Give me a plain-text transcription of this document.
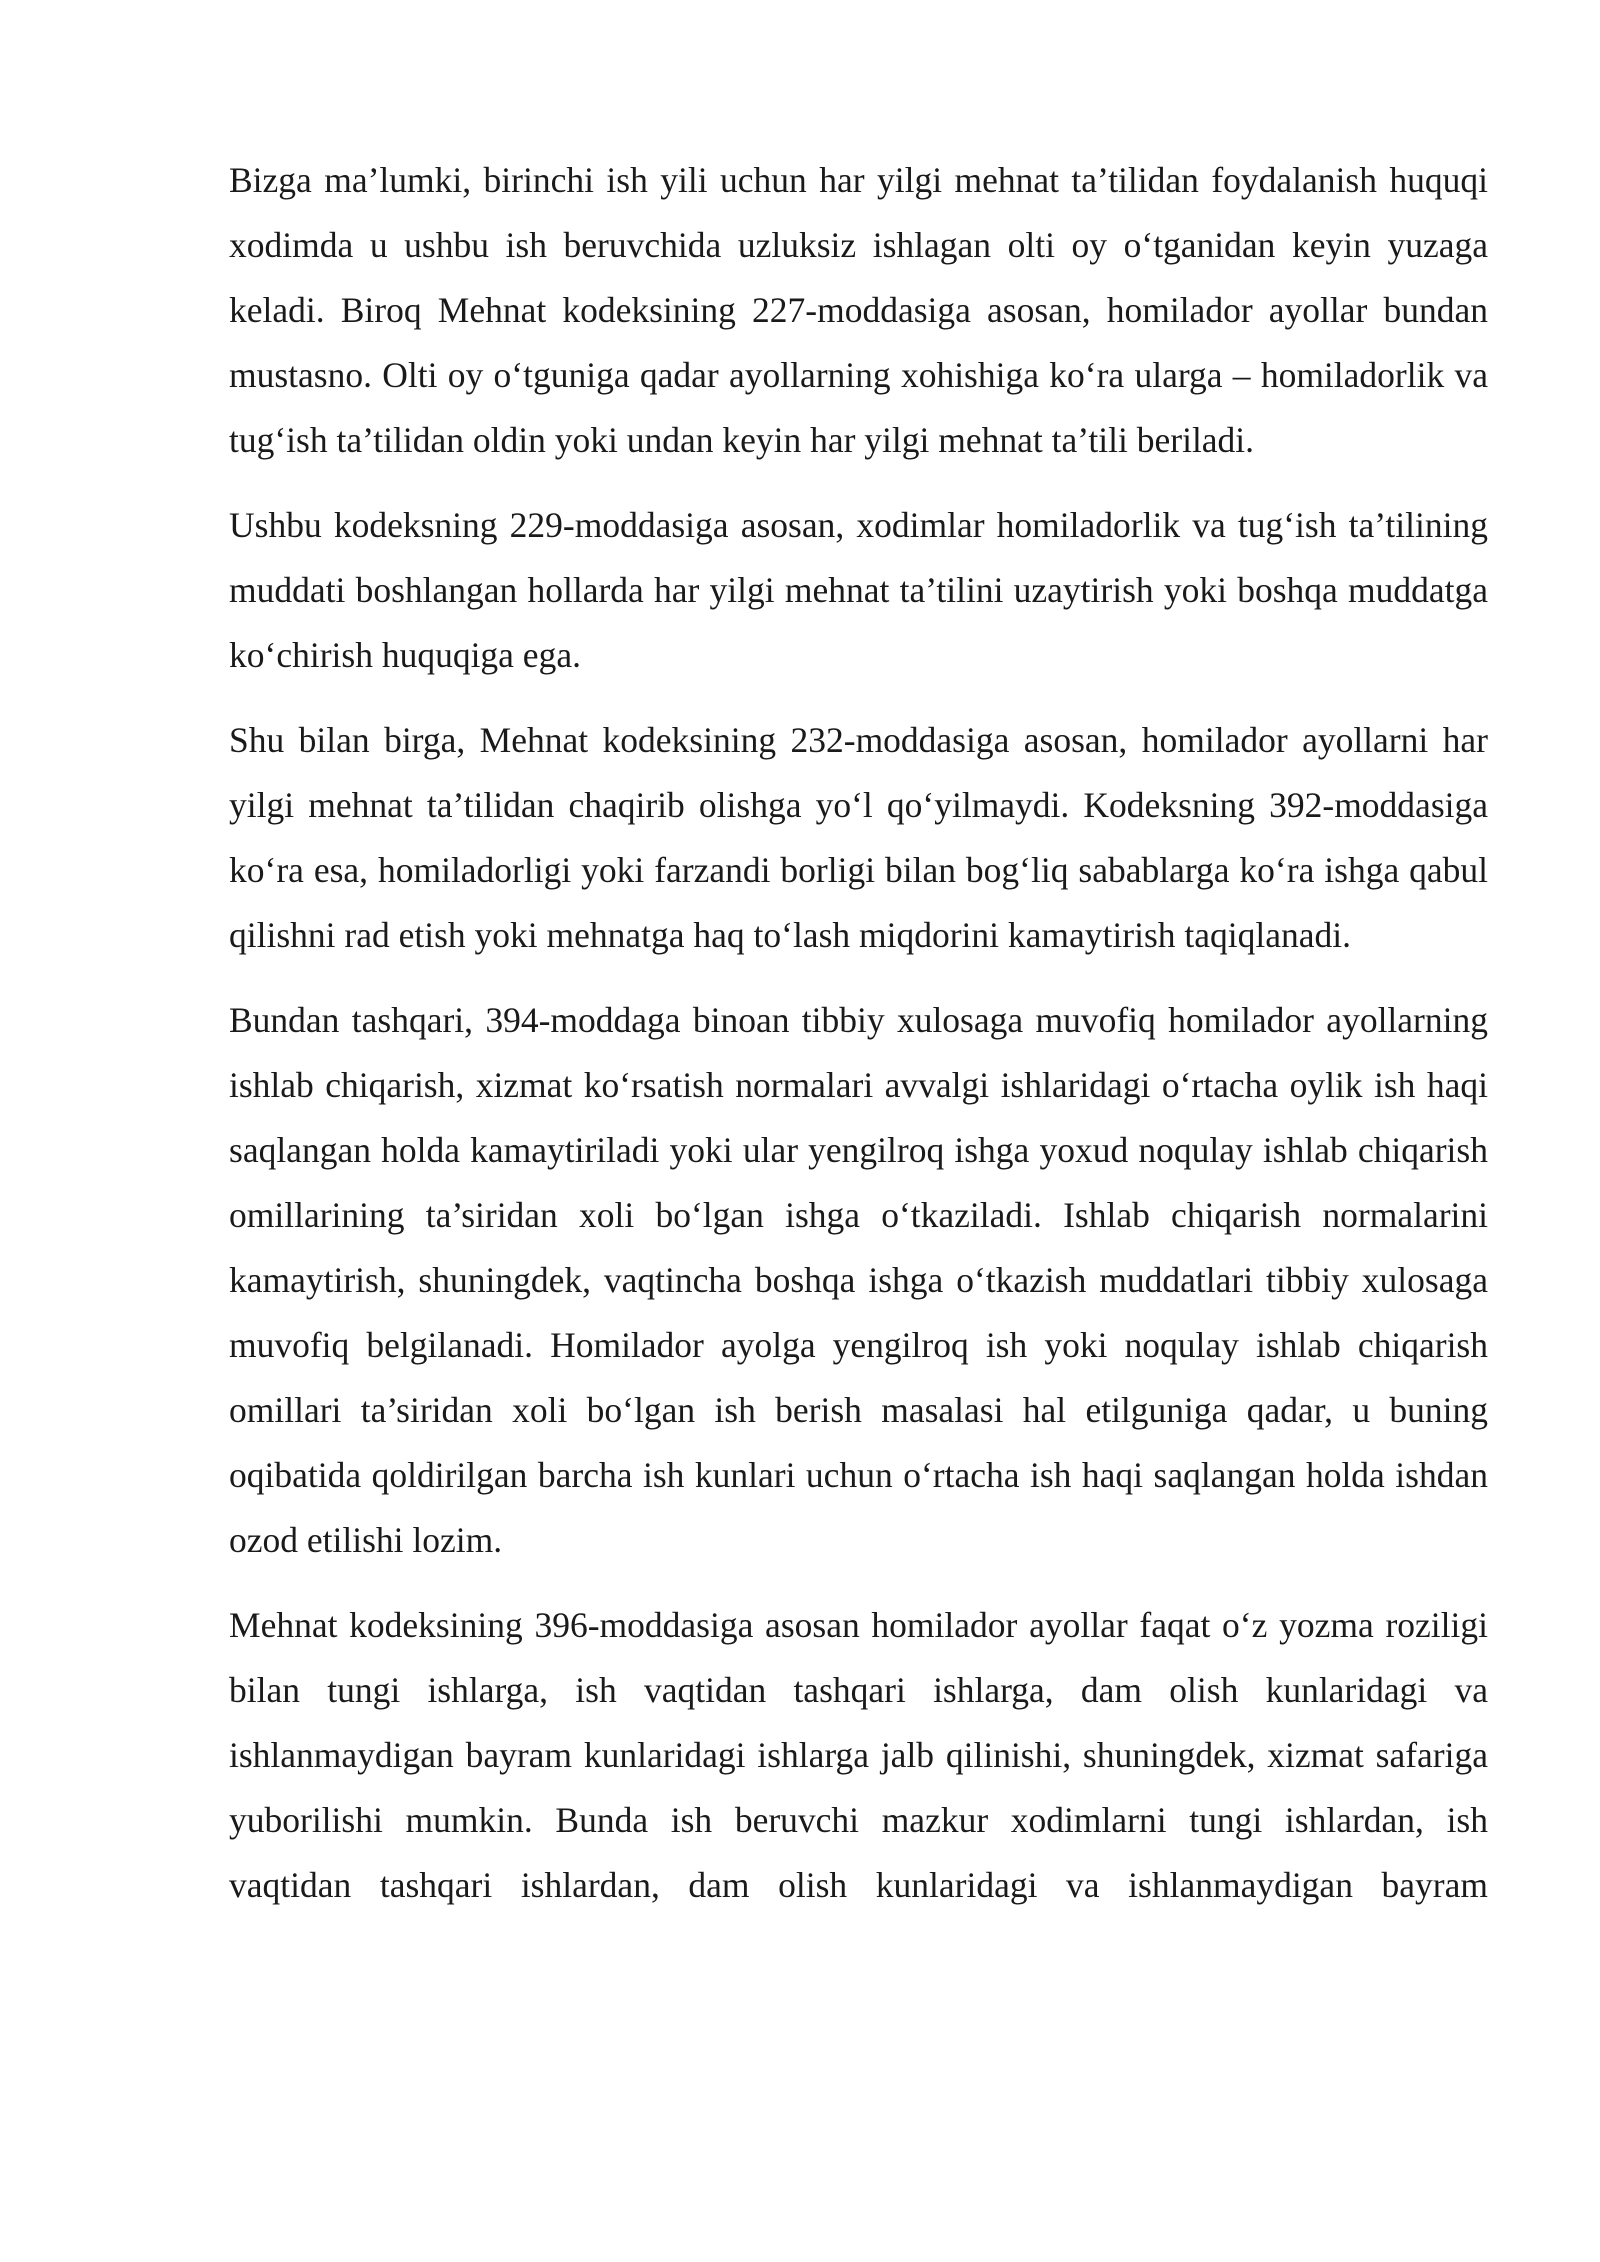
Bizga ma’lumki, birinchi ish yili uchun har yilgi mehnat ta’tilidan foydalanish huquqi xodimda u ushbu ish beruvchida uzluksiz ishlagan olti oy o‘tganidan keyin yuzaga keladi. Biroq Mehnat kodeksining 227-moddasiga asosan, homilador ayollar bundan mustasno. Olti oy o‘tguniga qadar ayollarning xohishiga ko‘ra ularga – homiladorlik va tug‘ish ta’tilidan oldin yoki undan keyin har yilgi mehnat ta’tili beriladi.

Ushbu kodeksning 229-moddasiga asosan, xodimlar homiladorlik va tug‘ish ta’tilining muddati boshlangan hollarda har yilgi mehnat ta’tilini uzaytirish yoki boshqa muddatga ko‘chirish huquqiga ega.

Shu bilan birga, Mehnat kodeksining 232-moddasiga asosan, homilador ayollarni har yilgi mehnat ta’tilidan chaqirib olishga yo‘l qo‘yilmaydi. Kodeksning 392-moddasiga ko‘ra esa, homiladorligi yoki farzandi borligi bilan bog‘liq sabablarga ko‘ra ishga qabul qilishni rad etish yoki mehnatga haq to‘lash miqdorini kamaytirish taqiqlanadi.

Bundan tashqari, 394-moddaga binoan tibbiy xulosaga muvofiq homilador ayollarning ishlab chiqarish, xizmat ko‘rsatish normalari avvalgi ishlaridagi o‘rtacha oylik ish haqi saqlangan holda kamaytiriladi yoki ular yengilroq ishga yoxud noqulay ishlab chiqarish omillarining ta’siridan xoli bo‘lgan ishga o‘tkaziladi. Ishlab chiqarish normalarini kamaytirish, shuningdek, vaqtincha boshqa ishga o‘tkazish muddatlari tibbiy xulosaga muvofiq belgilanadi. Homilador ayolga yengilroq ish yoki noqulay ishlab chiqarish omillari ta’siridan xoli bo‘lgan ish berish masalasi hal etilguniga qadar, u buning oqibatida qoldirilgan barcha ish kunlari uchun o‘rtacha ish haqi saqlangan holda ishdan ozod etilishi lozim.

Mehnat kodeksining 396-moddasiga asosan homilador ayollar faqat o‘z yozma roziligi bilan tungi ishlarga, ish vaqtidan tashqari ishlarga, dam olish kunlaridagi va ishlanmaydigan bayram kunlaridagi ishlarga jalb qilinishi, shuningdek, xizmat safariga yuborilishi mumkin. Bunda ish beruvchi mazkur xodimlarni tungi ishlardan, ish vaqtidan tashqari ishlardan, dam olish kunlaridagi va ishlanmaydigan bayram
